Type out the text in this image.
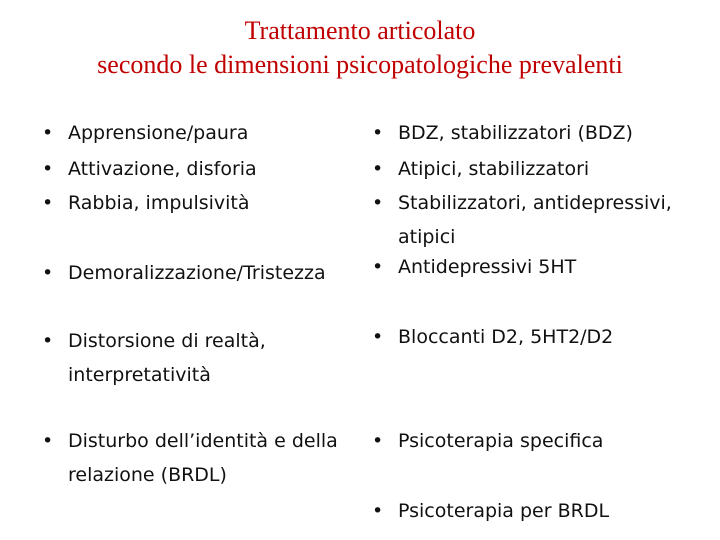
Trattamento articolato
secondo le dimensioni psicopatologiche prevalenti
• Apprensione/paura
• Attivazione, disforia
• Rabbia, impulsività
• Demoralizzazione/Tristezza
• Distorsione di realtà, interpretatività
• Disturbo dell’identità e della relazione (BRDL)
• BDZ, stabilizzatori (BDZ)
• Atipici, stabilizzatori
• Stabilizzatori, antidepressivi, atipici
• Antidepressivi 5HT
• Bloccanti D2, 5HT2/D2
• Psicoterapia specifica
• Psicoterapia per BRDL
